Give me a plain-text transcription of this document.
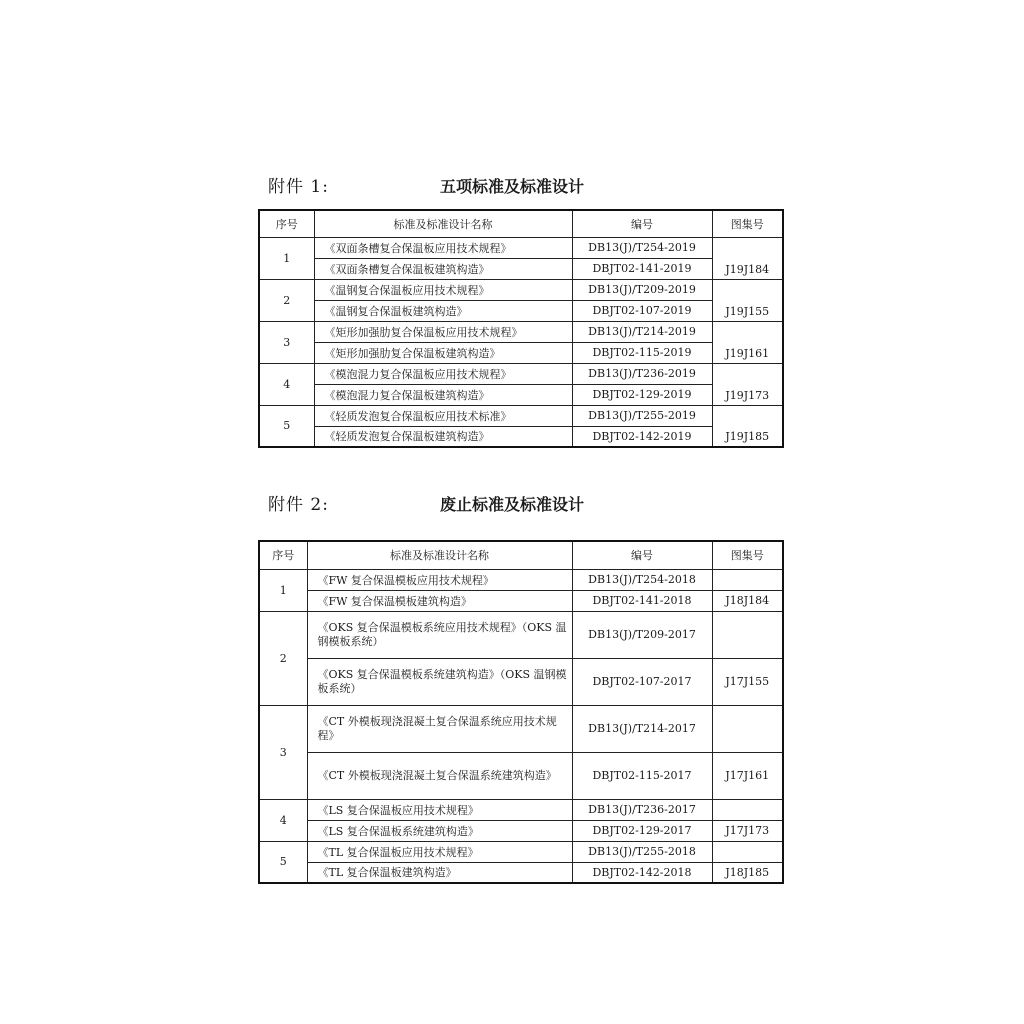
附件 1:	五项标准及标准设计
序号	标准及标准设计名称	编号	图集号
1	《双面条槽复合保温板应用技术规程》	DB13(J)/T254-2019	J19J184
	《双面条槽复合保温板建筑构造》	DBJT02-141-2019	
2	《温钢复合保温板应用技术规程》	DB13(J)/T209-2019	J19J155
	《温钢复合保温板建筑构造》	DBJT02-107-2019	
3	《矩形加强肋复合保温板应用技术规程》	DB13(J)/T214-2019	J19J161
	《矩形加强肋复合保温板建筑构造》	DBJT02-115-2019	
4	《模泡混力复合保温板应用技术规程》	DB13(J)/T236-2019	J19J173
	《模泡混力复合保温板建筑构造》	DBJT02-129-2019	
5	《轻质发泡复合保温板应用技术标准》	DB13(J)/T255-2019	J19J185
	《轻质发泡复合保温板建筑构造》	DBJT02-142-2019	
附件 2:	废止标准及标准设计
序号	标准及标准设计名称	编号	图集号
1	《FW 复合保温模板应用技术规程》	DB13(J)/T254-2018	
	《FW 复合保温模板建筑构造》	DBJT02-141-2018	J18J184
2	《OKS 复合保温模板系统应用技术规程》（OKS 温钢模板系统）	DB13(J)/T209-2017	
	《OKS 复合保温模板系统建筑构造》（OKS 温钢模板系统）	DBJT02-107-2017	J17J155
3	《CT 外模板现浇混凝土复合保温系统应用技术规程》	DB13(J)/T214-2017	
	《CT 外模板现浇混凝土复合保温系统建筑构造》	DBJT02-115-2017	J17J161
4	《LS 复合保温板应用技术规程》	DB13(J)/T236-2017	
	《LS 复合保温板系统建筑构造》	DBJT02-129-2017	J17J173
5	《TL 复合保温板应用技术规程》	DB13(J)/T255-2018	
	《TL 复合保温板建筑构造》	DBJT02-142-2018	J18J185
